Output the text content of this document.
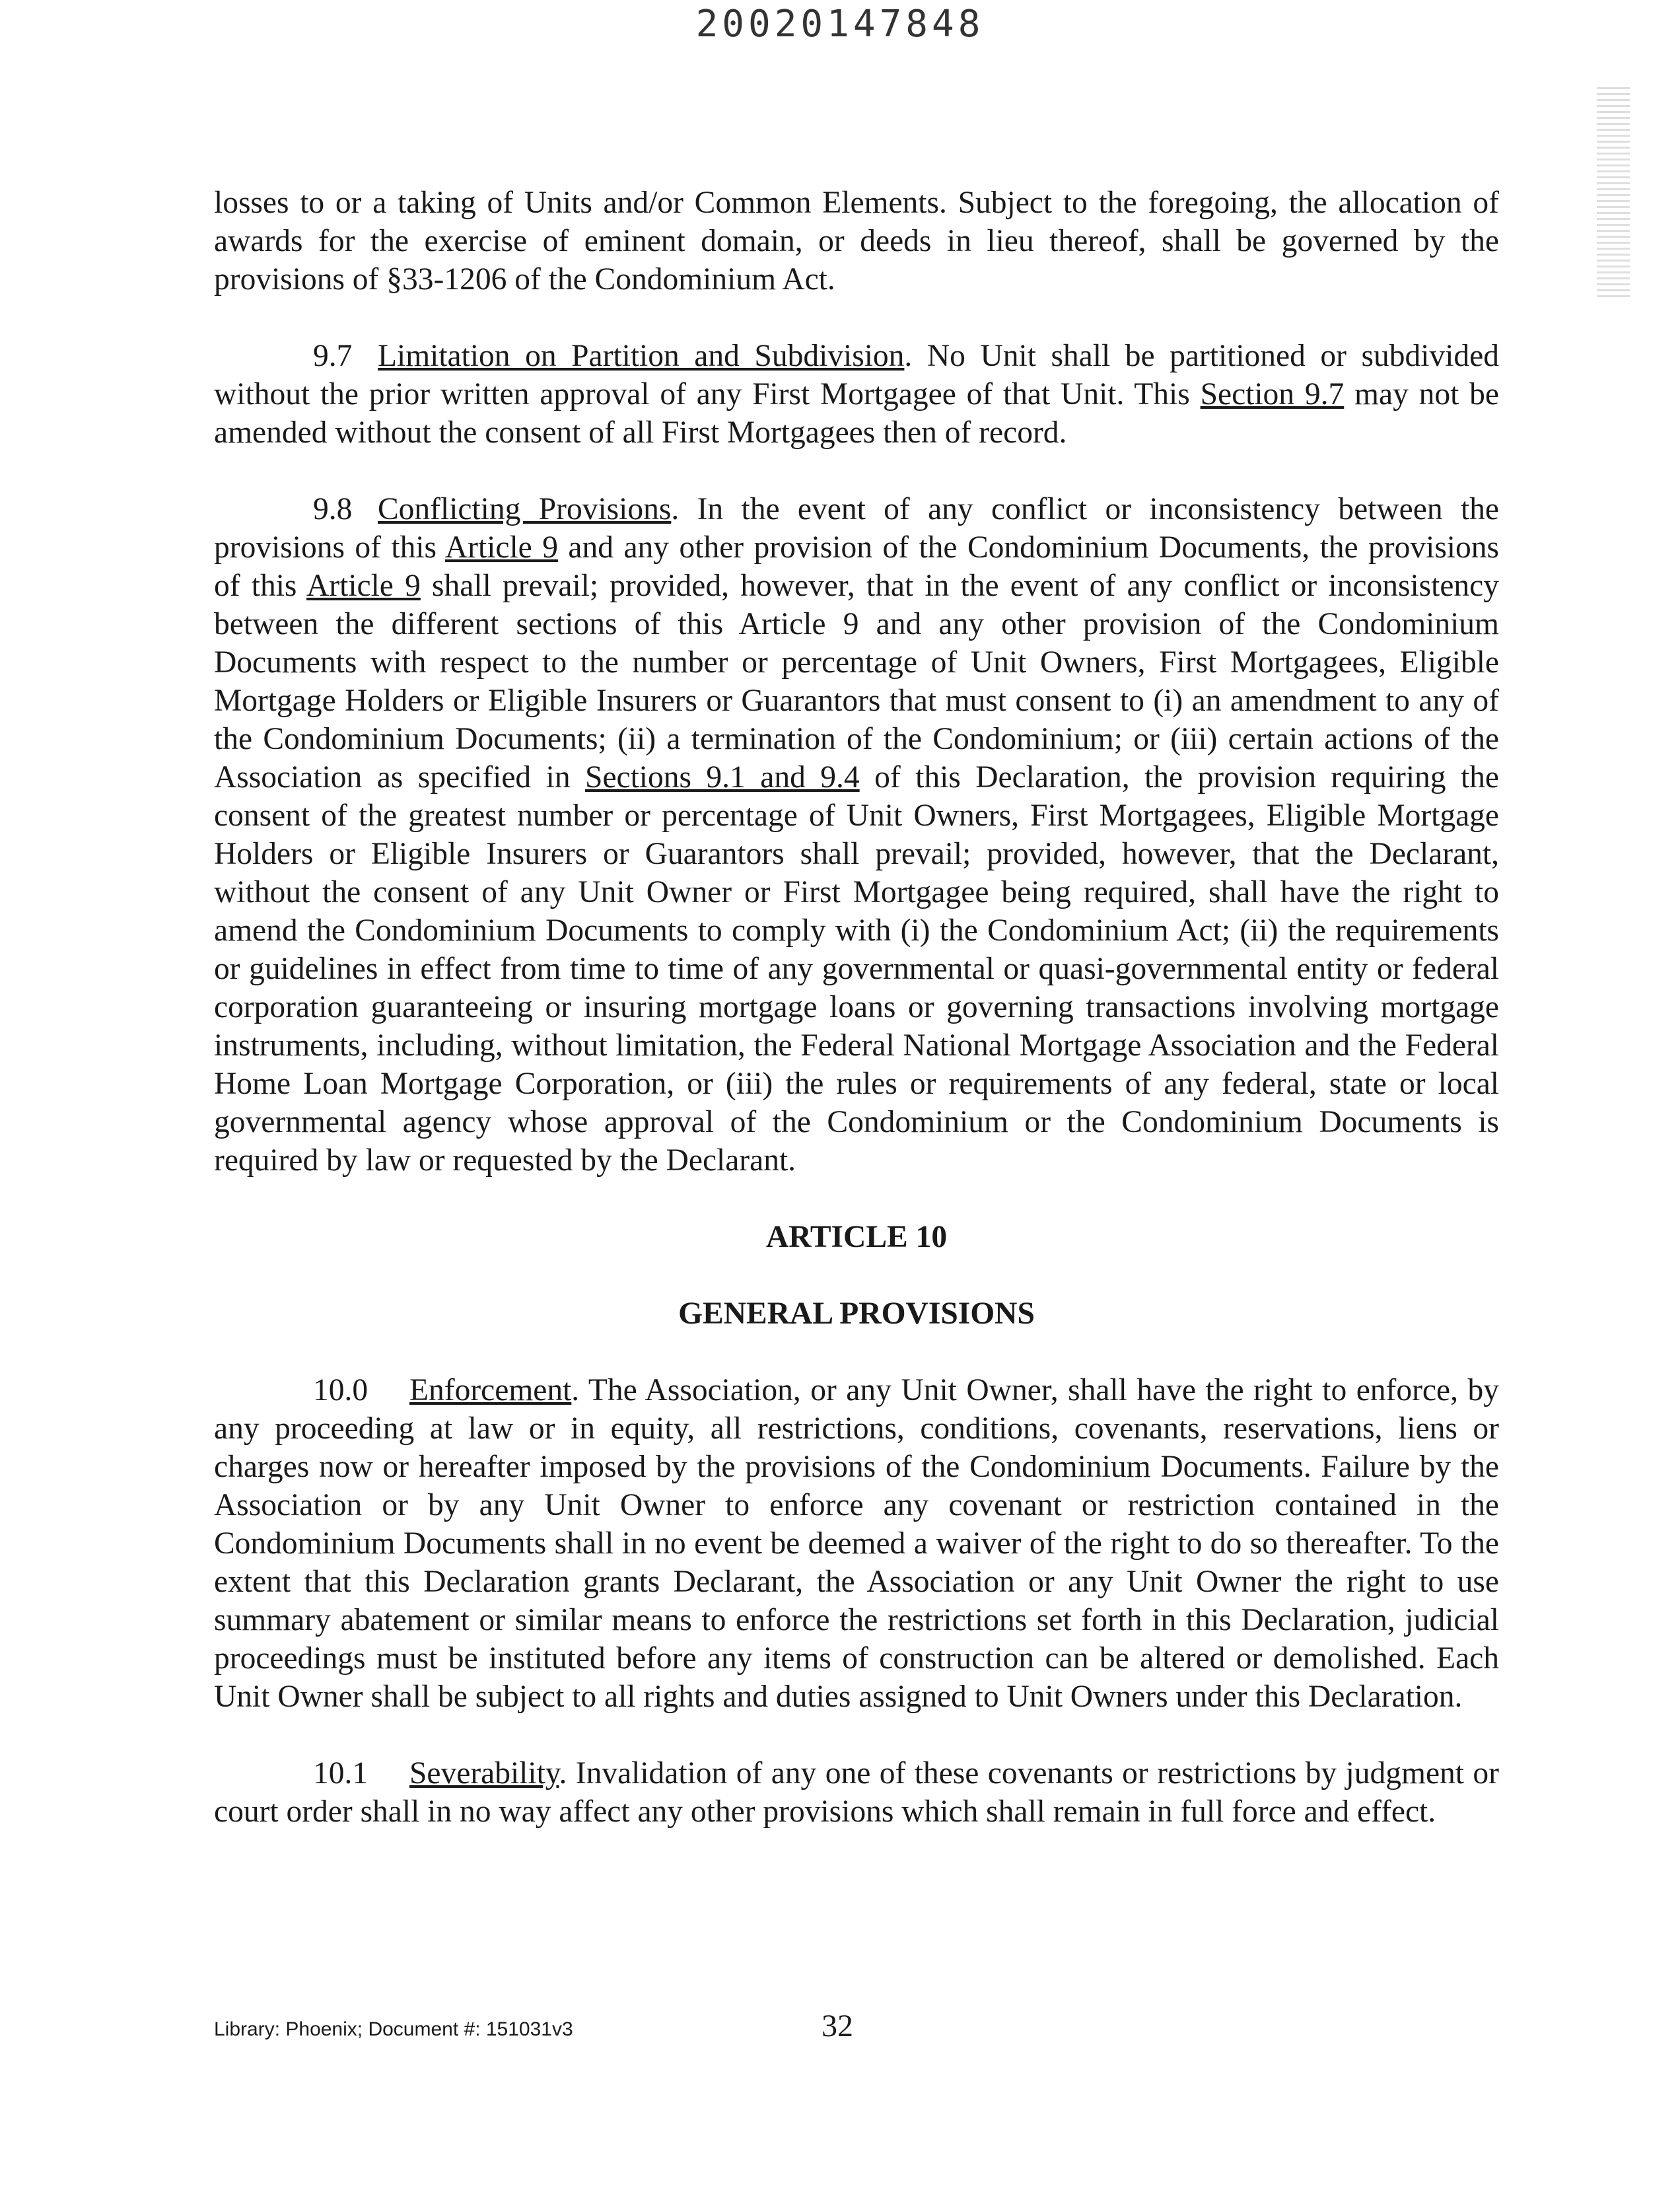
20020147848

losses to or a taking of Units and/or Common Elements. Subject to the foregoing, the allocation of awards for the exercise of eminent domain, or deeds in lieu thereof, shall be governed by the provisions of §33-1206 of the Condominium Act.

9.7 Limitation on Partition and Subdivision. No Unit shall be partitioned or subdivided without the prior written approval of any First Mortgagee of that Unit. This Section 9.7 may not be amended without the consent of all First Mortgagees then of record.

9.8 Conflicting Provisions. In the event of any conflict or inconsistency between the provisions of this Article 9 and any other provision of the Condominium Documents, the provisions of this Article 9 shall prevail; provided, however, that in the event of any conflict or inconsistency between the different sections of this Article 9 and any other provision of the Condominium Documents with respect to the number or percentage of Unit Owners, First Mortgagees, Eligible Mortgage Holders or Eligible Insurers or Guarantors that must consent to (i) an amendment to any of the Condominium Documents; (ii) a termination of the Condominium; or (iii) certain actions of the Association as specified in Sections 9.1 and 9.4 of this Declaration, the provision requiring the consent of the greatest number or percentage of Unit Owners, First Mortgagees, Eligible Mortgage Holders or Eligible Insurers or Guarantors shall prevail; provided, however, that the Declarant, without the consent of any Unit Owner or First Mortgagee being required, shall have the right to amend the Condominium Documents to comply with (i) the Condominium Act; (ii) the requirements or guidelines in effect from time to time of any governmental or quasi-governmental entity or federal corporation guaranteeing or insuring mortgage loans or governing transactions involving mortgage instruments, including, without limitation, the Federal National Mortgage Association and the Federal Home Loan Mortgage Corporation, or (iii) the rules or requirements of any federal, state or local governmental agency whose approval of the Condominium or the Condominium Documents is required by law or requested by the Declarant.

ARTICLE 10

GENERAL PROVISIONS

10.0 Enforcement. The Association, or any Unit Owner, shall have the right to enforce, by any proceeding at law or in equity, all restrictions, conditions, covenants, reservations, liens or charges now or hereafter imposed by the provisions of the Condominium Documents. Failure by the Association or by any Unit Owner to enforce any covenant or restriction contained in the Condominium Documents shall in no event be deemed a waiver of the right to do so thereafter. To the extent that this Declaration grants Declarant, the Association or any Unit Owner the right to use summary abatement or similar means to enforce the restrictions set forth in this Declaration, judicial proceedings must be instituted before any items of construction can be altered or demolished. Each Unit Owner shall be subject to all rights and duties assigned to Unit Owners under this Declaration.

10.1 Severability. Invalidation of any one of these covenants or restrictions by judgment or court order shall in no way affect any other provisions which shall remain in full force and effect.

Library: Phoenix; Document #: 151031v3	32
